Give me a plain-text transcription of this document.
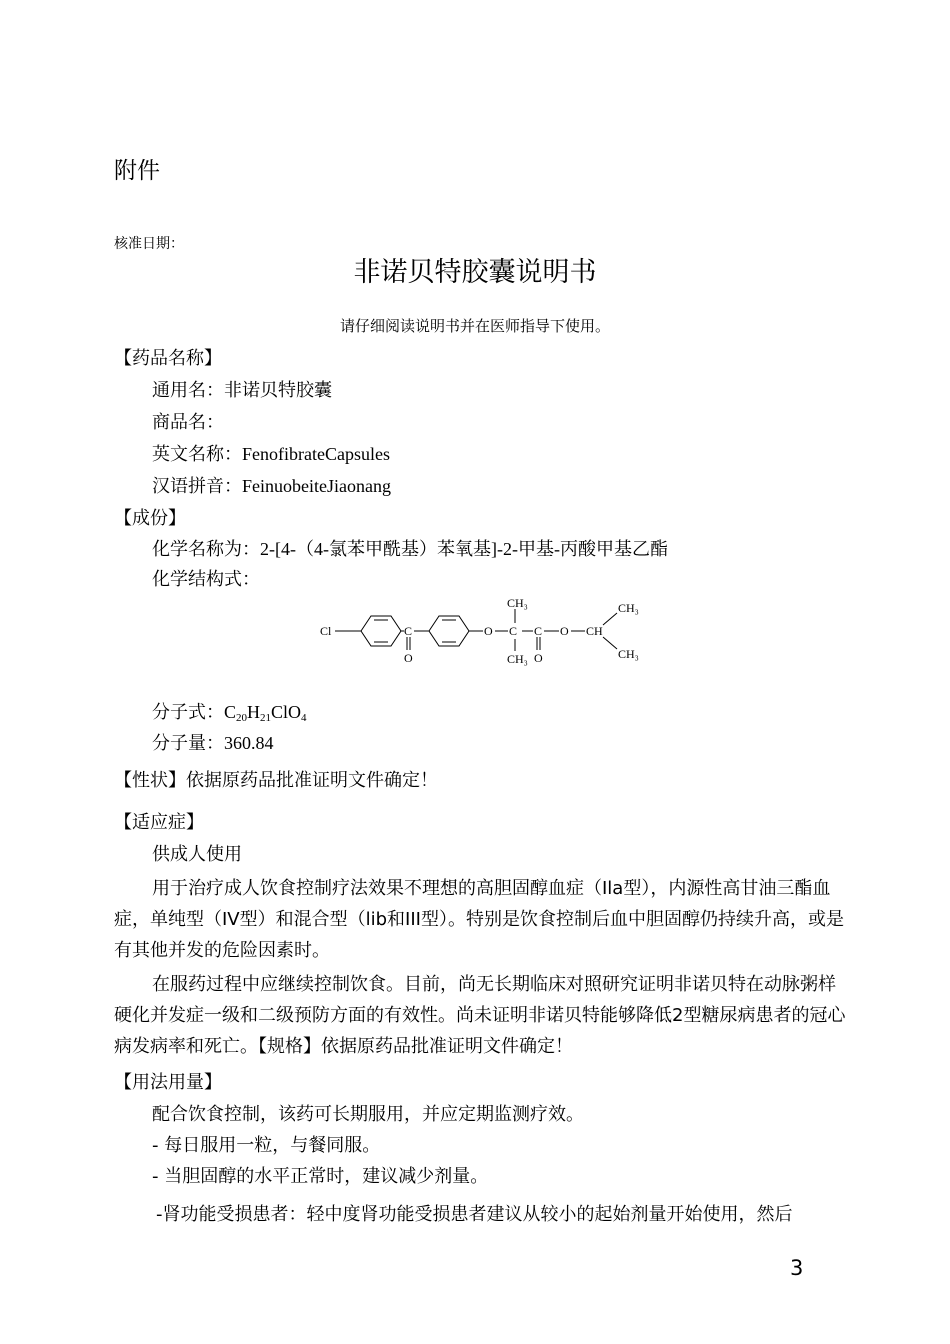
附件
核准日期：
非诺贝特胶囊说明书
请仔细阅读说明书并在医师指导下使用。
【药品名称】
通用名：非诺贝特胶囊
商品名：
英文名称：FenofibrateCapsules
汉语拼音：FeinuobeiteJiaonang
【成份】
化学名称为：2-[4-（4-氯苯甲酰基）苯氧基]-2-甲基-丙酸甲基乙酯
化学结构式：
Cl	C
O
O C
CH₃
CH₃
C
O
O CH
CH₃
CH₃
分子式：$C_{20}H_{21}ClO_4$
分子量：360.84
【性状】依据原药品批准证明文件确定！
【适应症】
供成人使用
用于治疗成人饮食控制疗法效果不理想的高胆固醇血症（Ila型），内源性高甘油三酯血症，单纯型（IV型）和混合型（lib和III型）。特别是饮食控制后血中胆固醇仍持续升高，或是有其他并发的危险因素时。
在服药过程中应继续控制饮食。目前，尚无长期临床对照研究证明非诺贝特在动脉粥样硬化并发症一级和二级预防方面的有效性。尚未证明非诺贝特能够降低2型糖尿病患者的冠心病发病率和死亡。【规格】依据原药品批准证明文件确定！
【用法用量】
配合饮食控制，该药可长期服用，并应定期监测疗效。
- 每日服用一粒，与餐同服。
- 当胆固醇的水平正常时，建议减少剂量。
-肾功能受损患者：轻中度肾功能受损患者建议从较小的起始剂量开始使用，然后
3
